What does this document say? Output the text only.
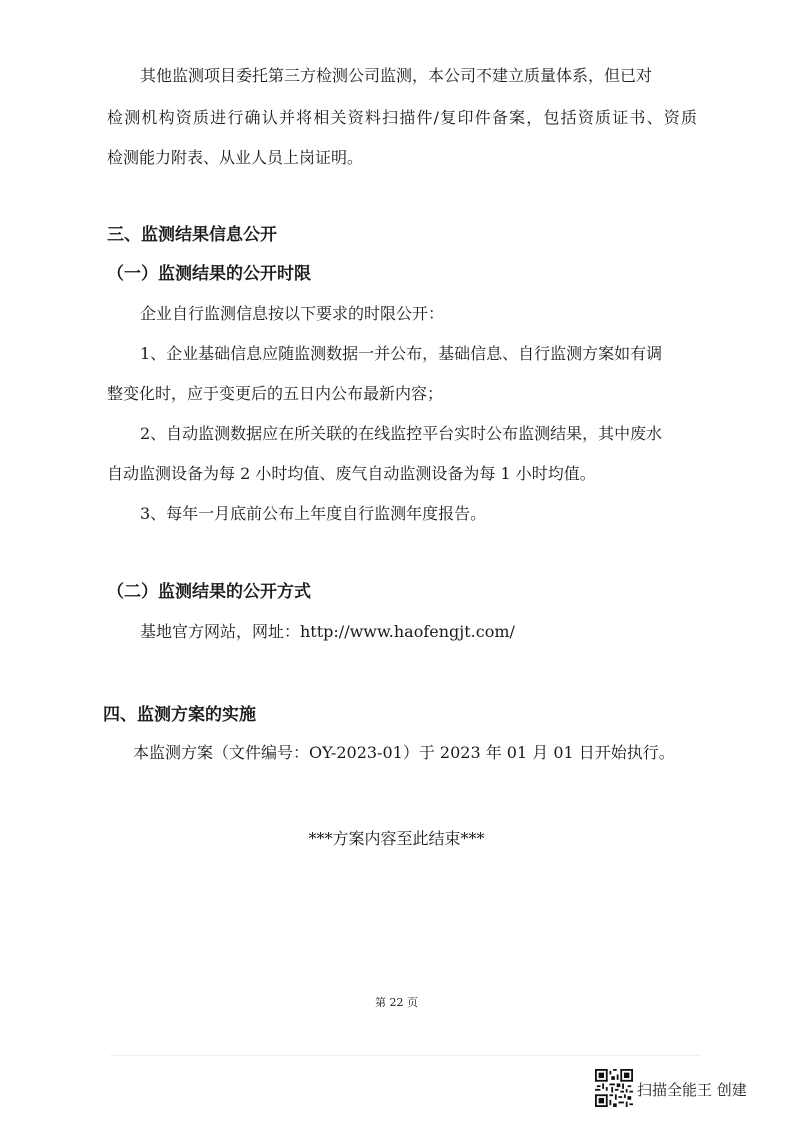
其他监测项目委托第三方检测公司监测，本公司不建立质量体系，但已对
检测机构资质进行确认并将相关资料扫描件/复印件备案，包括资质证书、资质
检测能力附表、从业人员上岗证明。
三、监测结果信息公开
（一）监测结果的公开时限
企业自行监测信息按以下要求的时限公开：
1、企业基础信息应随监测数据一并公布，基础信息、自行监测方案如有调
整变化时，应于变更后的五日内公布最新内容；
2、自动监测数据应在所关联的在线监控平台实时公布监测结果，其中废水
自动监测设备为每 2 小时均值、废气自动监测设备为每 1 小时均值。
3、每年一月底前公布上年度自行监测年度报告。
（二）监测结果的公开方式
基地官方网站，网址：http://www.haofengjt.com/
四、监测方案的实施
本监测方案（文件编号：OY-2023-01）于 2023 年 01 月 01 日开始执行。
***方案内容至此结束***
第 22 页
扫描全能王 创建
